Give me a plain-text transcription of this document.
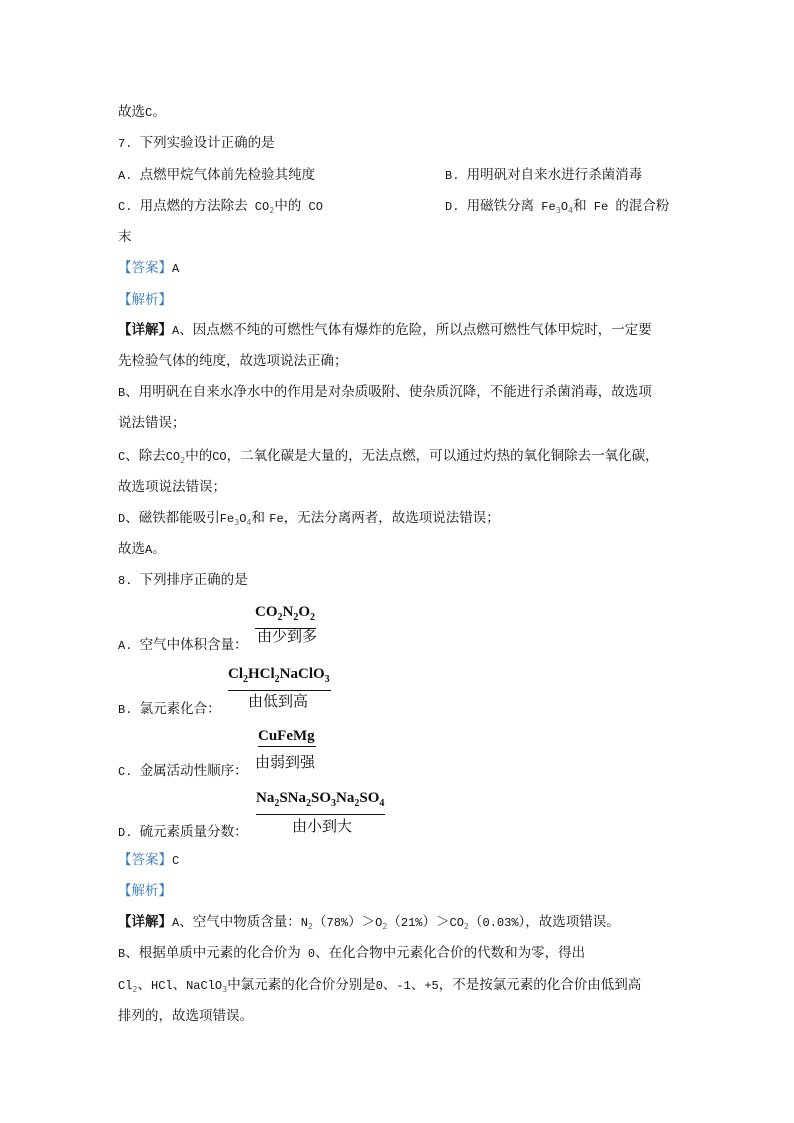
故选C。
7. 下列实验设计正确的是
A. 点燃甲烷气体前先检验其纯度	B. 用明矾对自来水进行杀菌消毒
C. 用点燃的方法除去 $CO_2$中的 CO	D. 用磁铁分离 $Fe_3O_4$和 Fe 的混合粉
末
【答案】A
【解析】
【详解】A、因点燃不纯的可燃性气体有爆炸的危险，所以点燃可燃性气体甲烷时，一定要
先检验气体的纯度，故选项说法正确；
B、用明矾在自来水净水中的作用是对杂质吸附、使杂质沉降，不能进行杀菌消毒，故选项
说法错误；
C、除去$CO_2$中的CO，二氧化碳是大量的，无法点燃，可以通过灼热的氧化铜除去一氧化碳，
故选项说法错误；
D、磁铁都能吸引$Fe_3O_4$和 Fe，无法分离两者，故选项说法错误；
故选A。
8. 下列排序正确的是
A. 空气中体积含量：
B. 氯元素化合：
C. 金属活动性顺序：
D. 硫元素质量分数：
【答案】C
【解析】
【详解】A、空气中物质含量：$N_2(78\%)>O_2(21\%)>CO_2(0.03\%)$，故选项错误。
B、根据单质中元素的化合价为 0、在化合物中元素化合价的代数和为零，得出
$Cl_2$、HCl、NaClO$_3$中氯元素的化合价分别是0、-1、+5，不是按氯元素的化合价由低到高
排列的，故选项错误。
$CO_2N_2O_2$
由少到多
$Cl_2HCl_2NaClO_3$
由低到高
CuFeMg
由弱到强
$Na_2SNa_2SO_3Na_2SO_4$
由小到大
